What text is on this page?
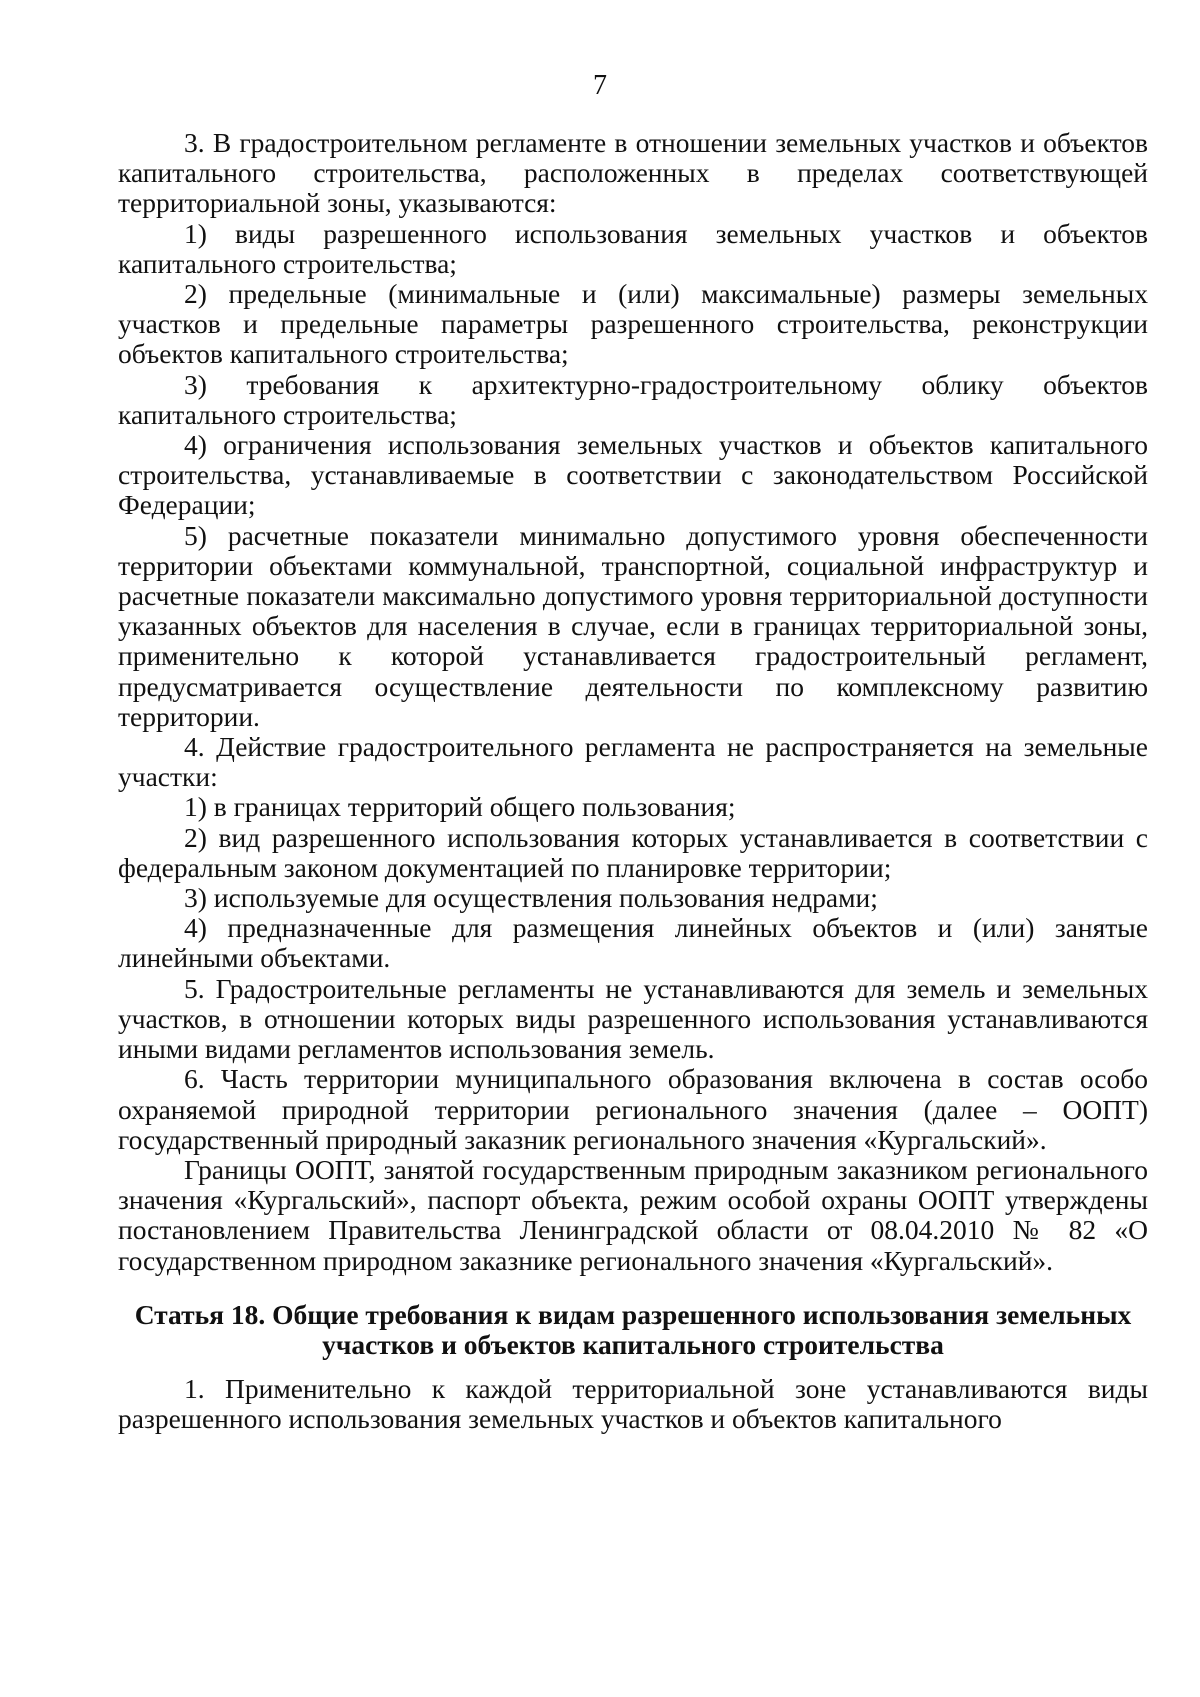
7

3. В градостроительном регламенте в отношении земельных участков и объектов капитального строительства, расположенных в пределах соответствующей территориальной зоны, указываются:

1) виды разрешенного использования земельных участков и объектов капитального строительства;

2) предельные (минимальные и (или) максимальные) размеры земельных участков и предельные параметры разрешенного строительства, реконструкции объектов капитального строительства;

3) требования к архитектурно-градостроительному облику объектов капитального строительства;

4) ограничения использования земельных участков и объектов капитального строительства, устанавливаемые в соответствии с законодательством Российской Федерации;

5) расчетные показатели минимально допустимого уровня обеспеченности территории объектами коммунальной, транспортной, социальной инфраструктур и расчетные показатели максимально допустимого уровня территориальной доступности указанных объектов для населения в случае, если в границах территориальной зоны, применительно к которой устанавливается градостроительный регламент, предусматривается осуществление деятельности по комплексному развитию территории.

4. Действие градостроительного регламента не распространяется на земельные участки:

1) в границах территорий общего пользования;

2) вид разрешенного использования которых устанавливается в соответствии с федеральным законом документацией по планировке территории;

3) используемые для осуществления пользования недрами;

4) предназначенные для размещения линейных объектов и (или) занятые линейными объектами.

5. Градостроительные регламенты не устанавливаются для земель и земельных участков, в отношении которых виды разрешенного использования устанавливаются иными видами регламентов использования земель.

6. Часть территории муниципального образования включена в состав особо охраняемой природной территории регионального значения (далее – ООПТ) государственный природный заказник регионального значения «Кургальский».

Границы ООПТ, занятой государственным природным заказником регионального значения «Кургальский», паспорт объекта, режим особой охраны ООПТ утверждены постановлением Правительства Ленинградской области от 08.04.2010 № 82 «О государственном природном заказнике регионального значения «Кургальский».

Статья 18. Общие требования к видам разрешенного использования земельных участков и объектов капитального строительства

1. Применительно к каждой территориальной зоне устанавливаются виды разрешенного использования земельных участков и объектов капитального
